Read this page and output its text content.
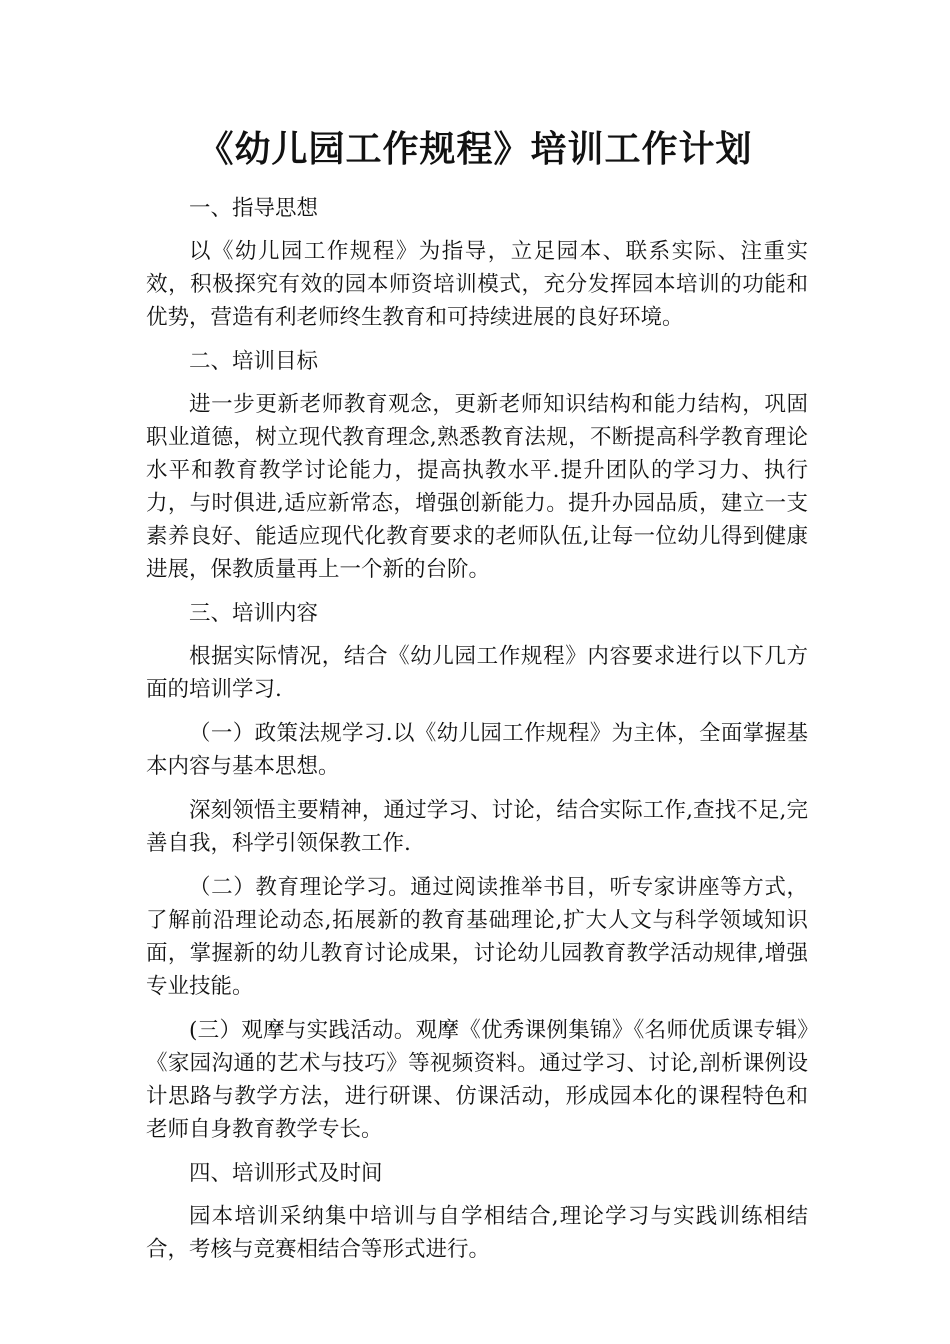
《幼儿园工作规程》培训工作计划

一、指导思想

以《幼儿园工作规程》为指导，立足园本、联系实际、注重实效，积极探究有效的园本师资培训模式，充分发挥园本培训的功能和优势，营造有利老师终生教育和可持续进展的良好环境。

二、培训目标

进一步更新老师教育观念，更新老师知识结构和能力结构，巩固职业道德，树立现代教育理念,熟悉教育法规，不断提高科学教育理论水平和教育教学讨论能力，提高执教水平.提升团队的学习力、执行力，与时俱进,适应新常态，增强创新能力。提升办园品质，建立一支素养良好、能适应现代化教育要求的老师队伍,让每一位幼儿得到健康进展，保教质量再上一个新的台阶。

三、培训内容

根据实际情况，结合《幼儿园工作规程》内容要求进行以下几方面的培训学习.

（一）政策法规学习.以《幼儿园工作规程》为主体，全面掌握基本内容与基本思想。

深刻领悟主要精神，通过学习、讨论，结合实际工作,查找不足,完善自我，科学引领保教工作.

（二）教育理论学习。通过阅读推举书目，听专家讲座等方式，了解前沿理论动态,拓展新的教育基础理论,扩大人文与科学领域知识面，掌握新的幼儿教育讨论成果，讨论幼儿园教育教学活动规律,增强专业技能。

(三）观摩与实践活动。观摩《优秀课例集锦》《名师优质课专辑》《家园沟通的艺术与技巧》等视频资料。通过学习、讨论,剖析课例设计思路与教学方法，进行研课、仿课活动，形成园本化的课程特色和老师自身教育教学专长。

四、培训形式及时间

园本培训采纳集中培训与自学相结合,理论学习与实践训练相结合，考核与竞赛相结合等形式进行。
